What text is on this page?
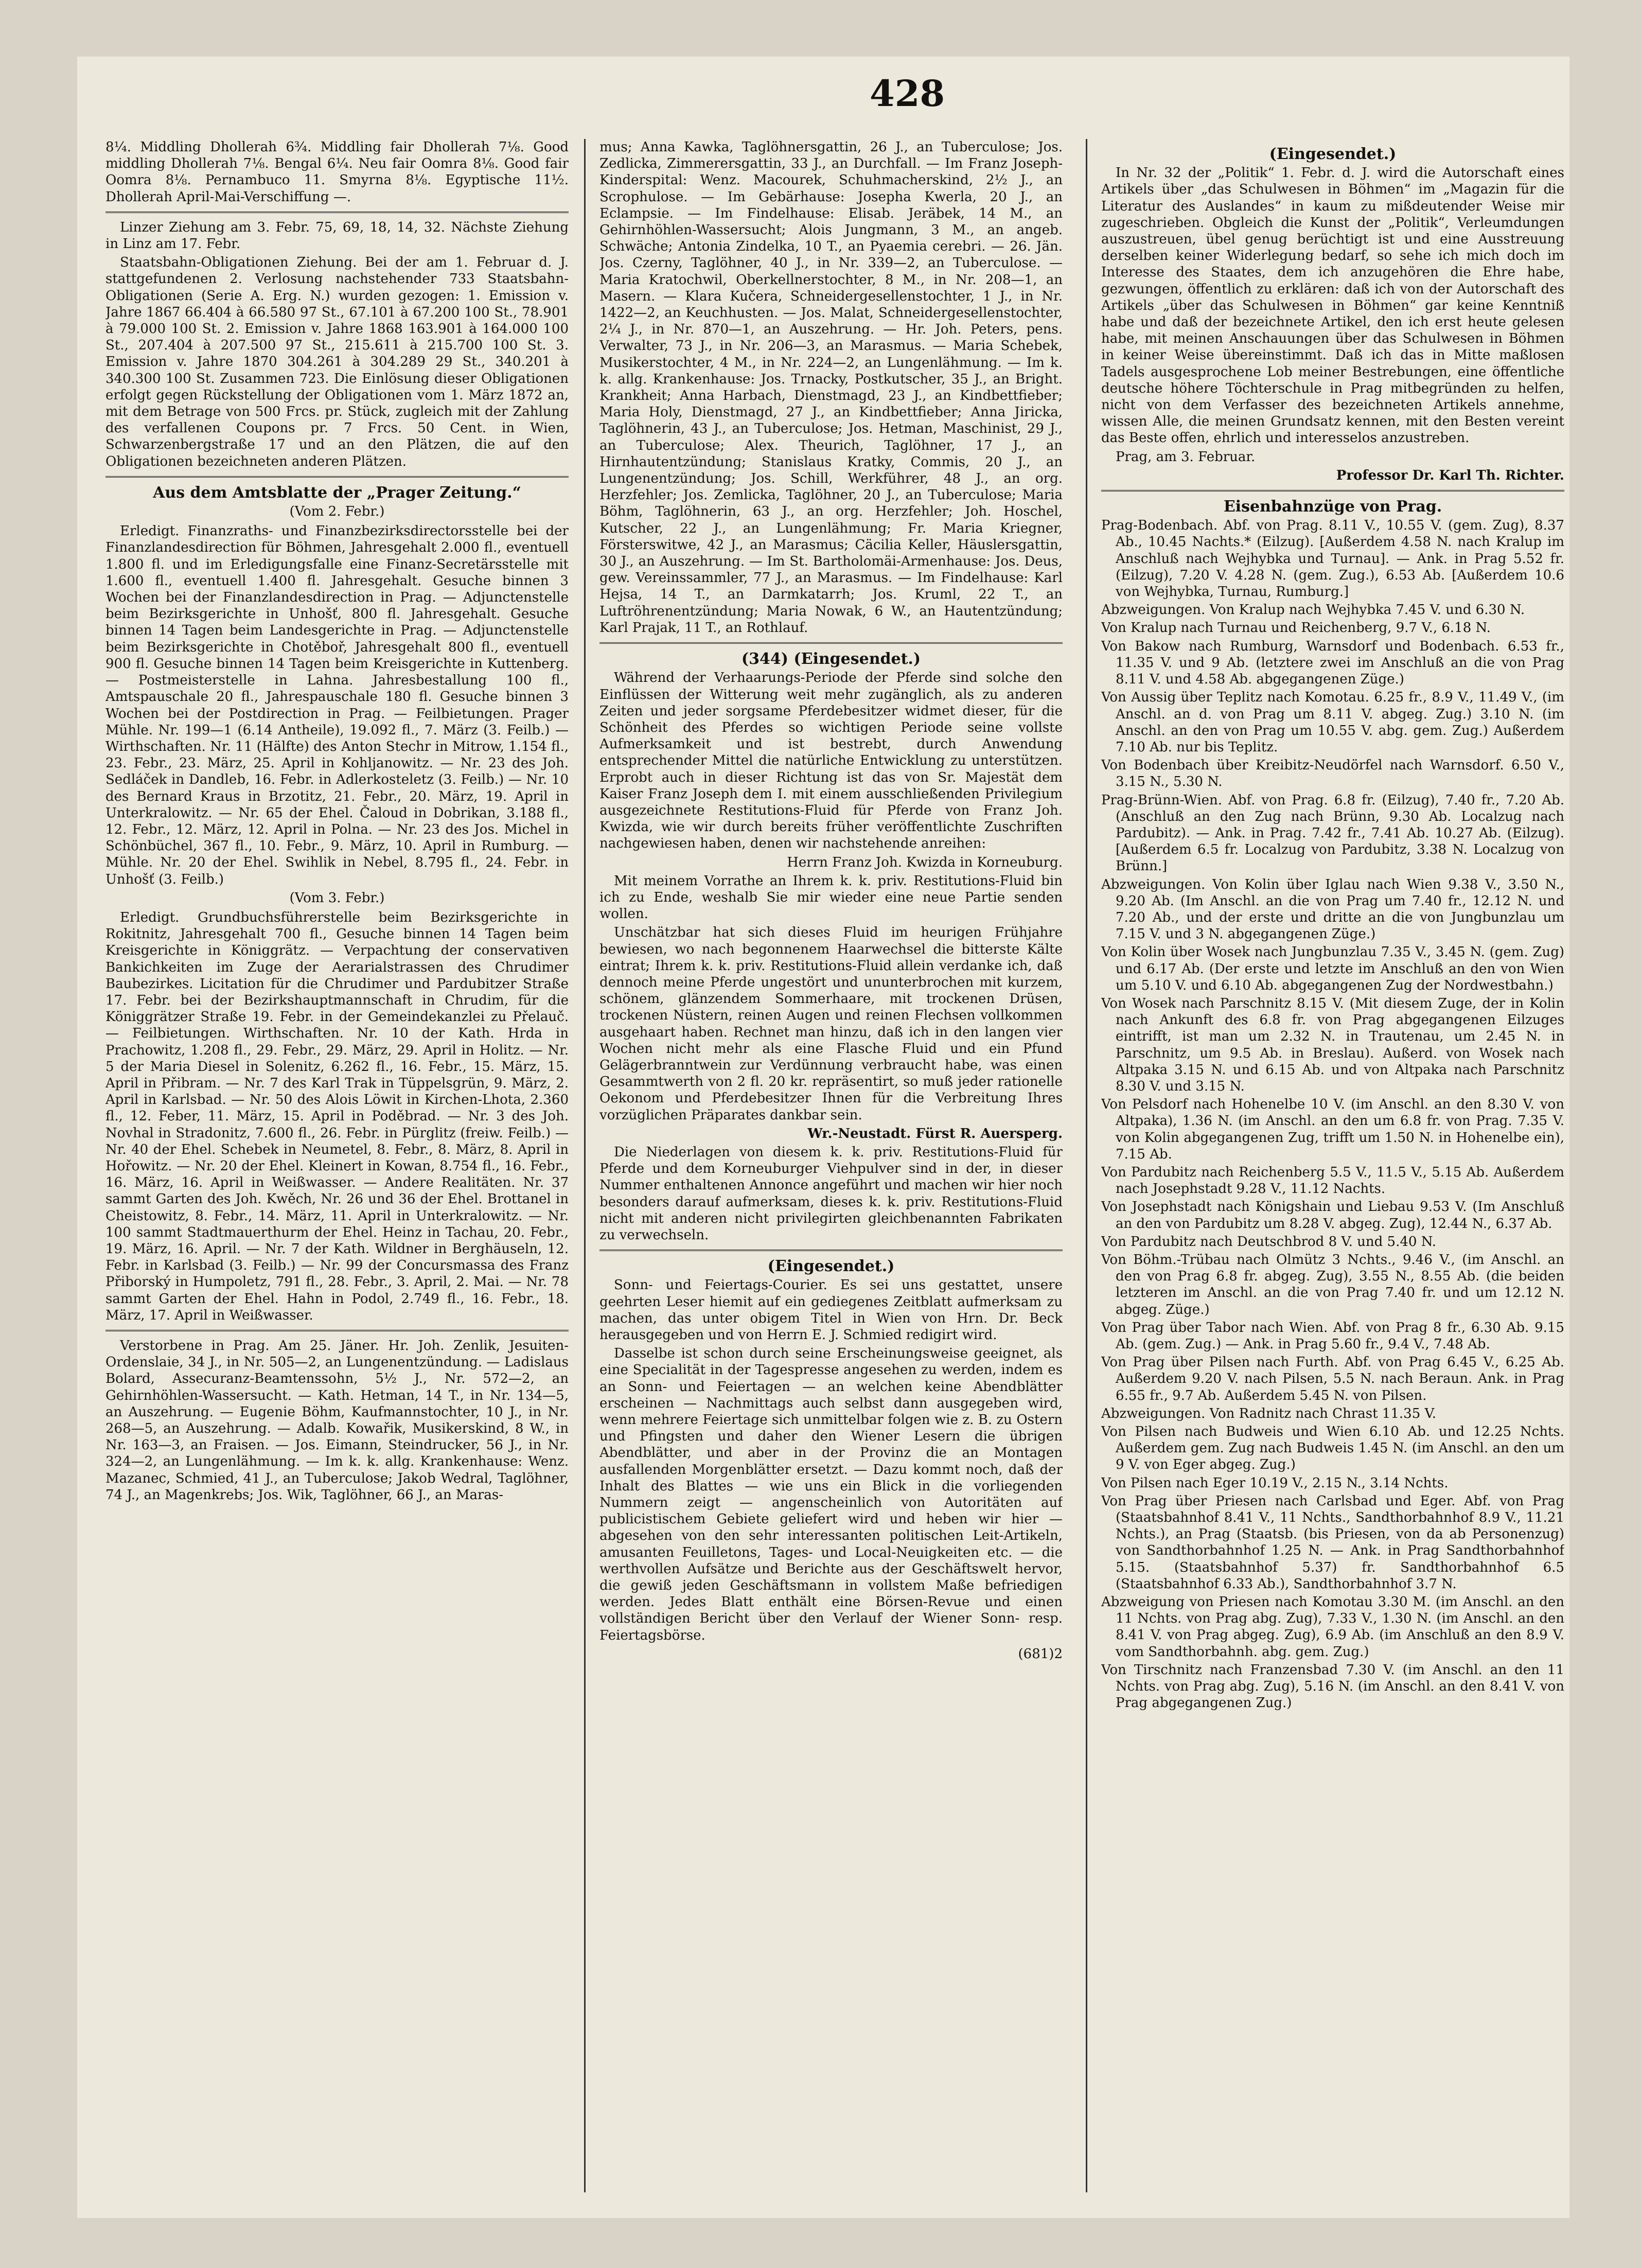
428

8¼. Middling Dhollerah 6¾. Middling fair Dhollerah 7⅛. Good middling Dhollerah 7⅛. Bengal 6¼. Neu fair Oomra 8⅛. Good fair Oomra 8⅛. Pernambuco 11. Smyrna 8⅛. Egyptische 11½. Dhollerah April-Mai-Verschiffung —.

Linzer Ziehung am 3. Febr. 75, 69, 18, 14, 32. Nächste Ziehung in Linz am 17. Febr.

Staatsbahn-Obligationen Ziehung. Bei der am 1. Februar d. J. stattgefundenen 2. Verlosung nachstehender 733 Staatsbahn-Obligationen (Serie A. Erg. N.) wurden gezogen: 1. Emission v. Jahre 1867 66.404 à 66.580 97 St., 67.101 à 67.200 100 St., 78.901 à 79.000 100 St. 2. Emission v. Jahre 1868 163.901 à 164.000 100 St., 207.404 à 207.500 97 St., 215.611 à 215.700 100 St. 3. Emission v. Jahre 1870 304.261 à 304.289 29 St., 340.201 à 340.300 100 St. Zusammen 723. Die Einlösung dieser Obligationen erfolgt gegen Rückstellung der Obligationen vom 1. März 1872 an, mit dem Betrage von 500 Frcs. pr. Stück, zugleich mit der Zahlung des verfallenen Coupons pr. 7 Frcs. 50 Cent. in Wien, Schwarzenbergstraße 17 und an den Plätzen, die auf den Obligationen bezeichneten anderen Plätzen.

Aus dem Amtsblatte der „Prager Zeitung.“
(Vom 2. Febr.)

Erledigt. Finanzraths- und Finanzbezirksdirectorsstelle bei der Finanzlandesdirection für Böhmen, Jahresgehalt 2.000 fl., eventuell 1.800 fl. und im Erledigungsfalle eine Finanz-Secretärsstelle mit 1.600 fl., eventuell 1.400 fl. Jahresgehalt. Gesuche binnen 3 Wochen bei der Finanzlandesdirection in Prag. — Adjunctenstelle beim Bezirksgerichte in Unhošť, 800 fl. Jahresgehalt. Gesuche binnen 14 Tagen beim Landesgerichte in Prag. — Adjunctenstelle beim Bezirksgerichte in Chotěboř, Jahresgehalt 800 fl., eventuell 900 fl. Gesuche binnen 14 Tagen beim Kreisgerichte in Kuttenberg. — Postmeisterstelle in Lahna. Jahresbestallung 100 fl., Amtspauschale 20 fl., Jahrespauschale 180 fl. Gesuche binnen 3 Wochen bei der Postdirection in Prag. — Feilbietungen. Prager Mühle. Nr. 199—1 (6.14 Antheile), 19.092 fl., 7. März (3. Feilb.) — Wirthschaften. Nr. 11 (Hälfte) des Anton Stechr in Mitrow, 1.154 fl., 23. Febr., 23. März, 25. April in Kohljanowitz. — Nr. 23 des Joh. Sedláček in Dandleb, 16. Febr. in Adlerkosteletz (3. Feilb.) — Nr. 10 des Bernard Kraus in Brzotitz, 21. Febr., 20. März, 19. April in Unterkralowitz. — Nr. 65 der Ehel. Čaloud in Dobrikan, 3.188 fl., 12. Febr., 12. März, 12. April in Polna. — Nr. 23 des Jos. Michel in Schönbüchel, 367 fl., 10. Febr., 9. März, 10. April in Rumburg. — Mühle. Nr. 20 der Ehel. Swihlik in Nebel, 8.795 fl., 24. Febr. in Unhošť (3. Feilb.)

(Vom 3. Febr.)

Erledigt. Grundbuchsführerstelle beim Bezirksgerichte in Rokitnitz, Jahresgehalt 700 fl., Gesuche binnen 14 Tagen beim Kreisgerichte in Königgrätz. — Verpachtung der conservativen Bankichkeiten im Zuge der Aerarialstrassen des Chrudimer Baubezirkes. Licitation für die Chrudimer und Pardubitzer Straße 17. Febr. bei der Bezirkshauptmannschaft in Chrudim, für die Königgrätzer Straße 19. Febr. in der Gemeindekanzlei zu Přelauč. — Feilbietungen. Wirthschaften. Nr. 10 der Kath. Hrda in Prachowitz, 1.208 fl., 29. Febr., 29. März, 29. April in Holitz. — Nr. 5 der Maria Diesel in Solenitz, 6.262 fl., 16. Febr., 15. März, 15. April in Přibram. — Nr. 7 des Karl Trak in Tüppelsgrün, 9. März, 2. April in Karlsbad. — Nr. 50 des Alois Löwit in Kirchen-Lhota, 2.360 fl., 12. Feber, 11. März, 15. April in Poděbrad. — Nr. 3 des Joh. Novhal in Stradonitz, 7.600 fl., 26. Febr. in Pürglitz (freiw. Feilb.) — Nr. 40 der Ehel. Schebek in Neumetel, 8. Febr., 8. März, 8. April in Hořowitz. — Nr. 20 der Ehel. Kleinert in Kowan, 8.754 fl., 16. Febr., 16. März, 16. April in Weißwasser. — Andere Realitäten. Nr. 37 sammt Garten des Joh. Kwěch, Nr. 26 und 36 der Ehel. Brottanel in Cheistowitz, 8. Febr., 14. März, 11. April in Unterkralowitz. — Nr. 100 sammt Stadtmauerthurm der Ehel. Heinz in Tachau, 20. Febr., 19. März, 16. April. — Nr. 7 der Kath. Wildner in Berghäuseln, 12. Febr. in Karlsbad (3. Feilb.) — Nr. 99 der Concursmassa des Franz Přiborský in Humpoletz, 791 fl., 28. Febr., 3. April, 2. Mai. — Nr. 78 sammt Garten der Ehel. Hahn in Podol, 2.749 fl., 16. Febr., 18. März, 17. April in Weißwasser.

Verstorbene in Prag. Am 25. Jäner. Hr. Joh. Zenlik, Jesuiten-Ordenslaie, 34 J., in Nr. 505—2, an Lungenentzündung. — Ladislaus Bolard, Assecuranz-Beamtenssohn, 5½ J., Nr. 572—2, an Gehirnhöhlen-Wassersucht. — Kath. Hetman, 14 T., in Nr. 134—5, an Auszehrung. — Eugenie Böhm, Kaufmannstochter, 10 J., in Nr. 268—5, an Auszehrung. — Adalb. Kowařik, Musikerskind, 8 W., in Nr. 163—3, an Fraisen. — Jos. Eimann, Steindrucker, 56 J., in Nr. 324—2, an Lungenlähmung. — Im k. k. allg. Krankenhause: Wenz. Mazanec, Schmied, 41 J., an Tuberculose; Jakob Wedral, Taglöhner, 74 J., an Magenkrebs; Jos. Wik, Taglöhner, 66 J., an Maras-

mus; Anna Kawka, Taglöhnersgattin, 26 J., an Tuberculose; Jos. Zedlicka, Zimmerersgattin, 33 J., an Durchfall. — Im Franz Joseph-Kinderspital: Wenz. Macourek, Schuhmacherskind, 2½ J., an Scrophulose. — Im Gebärhause: Josepha Kwerla, 20 J., an Eclampsie. — Im Findelhause: Elisab. Jeräbek, 14 M., an Gehirnhöhlen-Wassersucht; Alois Jungmann, 3 M., an angeb. Schwäche; Antonia Zindelka, 10 T., an Pyaemia cerebri. — 26. Jän. Jos. Czerny, Taglöhner, 40 J., in Nr. 339—2, an Tuberculose. — Maria Kratochwil, Oberkellnerstochter, 8 M., in Nr. 208—1, an Masern. — Klara Kučera, Schneidergesellenstochter, 1 J., in Nr. 1422—2, an Keuchhusten. — Jos. Malat, Schneidergesellenstochter, 2¼ J., in Nr. 870—1, an Auszehrung. — Hr. Joh. Peters, pens. Verwalter, 73 J., in Nr. 206—3, an Marasmus. — Maria Schebek, Musikerstochter, 4 M., in Nr. 224—2, an Lungenlähmung. — Im k. k. allg. Krankenhause: Jos. Trnacky, Postkutscher, 35 J., an Bright. Krankheit; Anna Harbach, Dienstmagd, 23 J., an Kindbettfieber; Maria Holy, Dienstmagd, 27 J., an Kindbettfieber; Anna Jiricka, Taglöhnerin, 43 J., an Tuberculose; Jos. Hetman, Maschinist, 29 J., an Tuberculose; Alex. Theurich, Taglöhner, 17 J., an Hirnhautentzündung; Stanislaus Kratky, Commis, 20 J., an Lungenentzündung; Jos. Schill, Werkführer, 48 J., an org. Herzfehler; Jos. Zemlicka, Taglöhner, 20 J., an Tuberculose; Maria Böhm, Taglöhnerin, 63 J., an org. Herzfehler; Joh. Hoschel, Kutscher, 22 J., an Lungenlähmung; Fr. Maria Kriegner, Försterswitwe, 42 J., an Marasmus; Cäcilia Keller, Häuslersgattin, 30 J., an Auszehrung. — Im St. Bartholomäi-Armenhause: Jos. Deus, gew. Vereinssammler, 77 J., an Marasmus. — Im Findelhause: Karl Hejsa, 14 T., an Darmkatarrh; Jos. Kruml, 22 T., an Luftröhrenentzündung; Maria Nowak, 6 W., an Hautentzündung; Karl Prajak, 11 T., an Rothlauf.

(344) (Eingesendet.)

Während der Verhaarungs-Periode der Pferde sind solche den Einflüssen der Witterung weit mehr zugänglich, als zu anderen Zeiten und jeder sorgsame Pferdebesitzer widmet dieser, für die Schönheit des Pferdes so wichtigen Periode seine vollste Aufmerksamkeit und ist bestrebt, durch Anwendung entsprechender Mittel die natürliche Entwicklung zu unterstützen. Erprobt auch in dieser Richtung ist das von Sr. Majestät dem Kaiser Franz Joseph dem I. mit einem ausschließenden Privilegium ausgezeichnete Restitutions-Fluid für Pferde von Franz Joh. Kwizda, wie wir durch bereits früher veröffentlichte Zuschriften nachgewiesen haben, denen wir nachstehende anreihen:

Herrn Franz Joh. Kwizda in Korneuburg.

Mit meinem Vorrathe an Ihrem k. k. priv. Restitutions-Fluid bin ich zu Ende, weshalb Sie mir wieder eine neue Partie senden wollen.

Unschätzbar hat sich dieses Fluid im heurigen Frühjahre bewiesen, wo nach begonnenem Haarwechsel die bitterste Kälte eintrat; Ihrem k. k. priv. Restitutions-Fluid allein verdanke ich, daß dennoch meine Pferde ungestört und ununterbrochen mit kurzem, schönem, glänzendem Sommerhaare, mit trockenen Drüsen, trockenen Nüstern, reinen Augen und reinen Flechsen vollkommen ausgehaart haben. Rechnet man hinzu, daß ich in den langen vier Wochen nicht mehr als eine Flasche Fluid und ein Pfund Gelägerbranntwein zur Verdünnung verbraucht habe, was einen Gesammtwerth von 2 fl. 20 kr. repräsentirt, so muß jeder rationelle Oekonom und Pferdebesitzer Ihnen für die Verbreitung Ihres vorzüglichen Präparates dankbar sein.

Wr.-Neustadt. Fürst R. Auersperg.

Die Niederlagen von diesem k. k. priv. Restitutions-Fluid für Pferde und dem Korneuburger Viehpulver sind in der, in dieser Nummer enthaltenen Annonce angeführt und machen wir hier noch besonders darauf aufmerksam, dieses k. k. priv. Restitutions-Fluid nicht mit anderen nicht privilegirten gleichbenannten Fabrikaten zu verwechseln.

(Eingesendet.)

Sonn- und Feiertags-Courier. Es sei uns gestattet, unsere geehrten Leser hiemit auf ein gediegenes Zeitblatt aufmerksam zu machen, das unter obigem Titel in Wien von Hrn. Dr. Beck herausgegeben und von Herrn E. J. Schmied redigirt wird.

Dasselbe ist schon durch seine Erscheinungsweise geeignet, als eine Specialität in der Tagespresse angesehen zu werden, indem es an Sonn- und Feiertagen — an welchen keine Abendblätter erscheinen — Nachmittags auch selbst dann ausgegeben wird, wenn mehrere Feiertage sich unmittelbar folgen wie z. B. zu Ostern und Pfingsten und daher den Wiener Lesern die übrigen Abendblätter, und aber in der Provinz die an Montagen ausfallenden Morgenblätter ersetzt. — Dazu kommt noch, daß der Inhalt des Blattes — wie uns ein Blick in die vorliegenden Nummern zeigt — angenscheinlich von Autoritäten auf publicistischem Gebiete geliefert wird und heben wir hier — abgesehen von den sehr interessanten politischen Leit-Artikeln, amusanten Feuilletons, Tages- und Local-Neuigkeiten etc. — die werthvollen Aufsätze und Berichte aus der Geschäftswelt hervor, die gewiß jeden Geschäftsmann in vollstem Maße befriedigen werden. Jedes Blatt enthält eine Börsen-Revue und einen vollständigen Bericht über den Verlauf der Wiener Sonn- resp. Feiertagsbörse.

(681)2

(Eingesendet.)

In Nr. 32 der „Politik“ 1. Febr. d. J. wird die Autorschaft eines Artikels über „das Schulwesen in Böhmen“ im „Magazin für die Literatur des Auslandes“ in kaum zu mißdeutender Weise mir zugeschrieben. Obgleich die Kunst der „Politik“, Verleumdungen auszustreuen, übel genug berüchtigt ist und eine Ausstreuung derselben keiner Widerlegung bedarf, so sehe ich mich doch im Interesse des Staates, dem ich anzugehören die Ehre habe, gezwungen, öffentlich zu erklären: daß ich von der Autorschaft des Artikels „über das Schulwesen in Böhmen“ gar keine Kenntniß habe und daß der bezeichnete Artikel, den ich erst heute gelesen habe, mit meinen Anschauungen über das Schulwesen in Böhmen in keiner Weise übereinstimmt. Daß ich das in Mitte maßlosen Tadels ausgesprochene Lob meiner Bestrebungen, eine öffentliche deutsche höhere Töchterschule in Prag mitbegründen zu helfen, nicht von dem Verfasser des bezeichneten Artikels annehme, wissen Alle, die meinen Grundsatz kennen, mit den Besten vereint das Beste offen, ehrlich und interesselos anzustreben.

Prag, am 3. Februar.

Professor Dr. Karl Th. Richter.

Eisenbahnzüge von Prag.

Prag-Bodenbach. Abf. von Prag. 8.11 V., 10.55 V. (gem. Zug), 8.37 Ab., 10.45 Nachts.* (Eilzug). [Außerdem 4.58 N. nach Kralup im Anschluß nach Wejhybka und Turnau]. — Ank. in Prag 5.52 fr. (Eilzug), 7.20 V. 4.28 N. (gem. Zug.), 6.53 Ab. [Außerdem 10.6 von Wejhybka, Turnau, Rumburg.]

Abzweigungen. Von Kralup nach Wejhybka 7.45 V. und 6.30 N.

Von Kralup nach Turnau und Reichenberg, 9.7 V., 6.18 N.

Von Bakow nach Rumburg, Warnsdorf und Bodenbach. 6.53 fr., 11.35 V. und 9 Ab. (letztere zwei im Anschluß an die von Prag 8.11 V. und 4.58 Ab. abgegangenen Züge.)

Von Aussig über Teplitz nach Komotau. 6.25 fr., 8.9 V., 11.49 V., (im Anschl. an d. von Prag um 8.11 V. abgeg. Zug.) 3.10 N. (im Anschl. an den von Prag um 10.55 V. abg. gem. Zug.) Außerdem 7.10 Ab. nur bis Teplitz.

Von Bodenbach über Kreibitz-Neudörfel nach Warnsdorf. 6.50 V., 3.15 N., 5.30 N.

Prag-Brünn-Wien. Abf. von Prag. 6.8 fr. (Eilzug), 7.40 fr., 7.20 Ab. (Anschluß an den Zug nach Brünn, 9.30 Ab. Localzug nach Pardubitz). — Ank. in Prag. 7.42 fr., 7.41 Ab. 10.27 Ab. (Eilzug). [Außerdem 6.5 fr. Localzug von Pardubitz, 3.38 N. Localzug von Brünn.]

Abzweigungen. Von Kolin über Iglau nach Wien 9.38 V., 3.50 N., 9.20 Ab. (Im Anschl. an die von Prag um 7.40 fr., 12.12 N. und 7.20 Ab., und der erste und dritte an die von Jungbunzlau um 7.15 V. und 3 N. abgegangenen Züge.)

Von Kolin über Wosek nach Jungbunzlau 7.35 V., 3.45 N. (gem. Zug) und 6.17 Ab. (Der erste und letzte im Anschluß an den von Wien um 5.10 V. und 6.10 Ab. abgegangenen Zug der Nordwestbahn.)

Von Wosek nach Parschnitz 8.15 V. (Mit diesem Zuge, der in Kolin nach Ankunft des 6.8 fr. von Prag abgegangenen Eilzuges eintrifft, ist man um 2.32 N. in Trautenau, um 2.45 N. in Parschnitz, um 9.5 Ab. in Breslau). Außerd. von Wosek nach Altpaka 3.15 N. und 6.15 Ab. und von Altpaka nach Parschnitz 8.30 V. und 3.15 N.

Von Pelsdorf nach Hohenelbe 10 V. (im Anschl. an den 8.30 V. von Altpaka), 1.36 N. (im Anschl. an den um 6.8 fr. von Prag. 7.35 V. von Kolin abgegangenen Zug, trifft um 1.50 N. in Hohenelbe ein), 7.15 Ab.

Von Pardubitz nach Reichenberg 5.5 V., 11.5 V., 5.15 Ab. Außerdem nach Josephstadt 9.28 V., 11.12 Nachts.

Von Josephstadt nach Königshain und Liebau 9.53 V. (Im Anschluß an den von Pardubitz um 8.28 V. abgeg. Zug), 12.44 N., 6.37 Ab.

Von Pardubitz nach Deutschbrod 8 V. und 5.40 N.

Von Böhm.-Trübau nach Olmütz 3 Nchts., 9.46 V., (im Anschl. an den von Prag 6.8 fr. abgeg. Zug), 3.55 N., 8.55 Ab. (die beiden letzteren im Anschl. an die von Prag 7.40 fr. und um 12.12 N. abgeg. Züge.)

Von Prag über Tabor nach Wien. Abf. von Prag 8 fr., 6.30 Ab. 9.15 Ab. (gem. Zug.) — Ank. in Prag 5.60 fr., 9.4 V., 7.48 Ab.

Von Prag über Pilsen nach Furth. Abf. von Prag 6.45 V., 6.25 Ab. Außerdem 9.20 V. nach Pilsen, 5.5 N. nach Beraun. Ank. in Prag 6.55 fr., 9.7 Ab. Außerdem 5.45 N. von Pilsen.

Abzweigungen. Von Radnitz nach Chrast 11.35 V.

Von Pilsen nach Budweis und Wien 6.10 Ab. und 12.25 Nchts. Außerdem gem. Zug nach Budweis 1.45 N. (im Anschl. an den um 9 V. von Eger abgeg. Zug.)

Von Pilsen nach Eger 10.19 V., 2.15 N., 3.14 Nchts.

Von Prag über Priesen nach Carlsbad und Eger. Abf. von Prag (Staatsbahnhof 8.41 V., 11 Nchts., Sandthorbahnhof 8.9 V., 11.21 Nchts.), an Prag (Staatsb. (bis Priesen, von da ab Personenzug) von Sandthorbahnhof 1.25 N. — Ank. in Prag Sandthorbahnhof 5.15. (Staatsbahnhof 5.37) fr. Sandthorbahnhof 6.5 (Staatsbahnhof 6.33 Ab.), Sandthorbahnhof 3.7 N.

Abzweigung von Priesen nach Komotau 3.30 M. (im Anschl. an den 11 Nchts. von Prag abg. Zug), 7.33 V., 1.30 N. (im Anschl. an den 8.41 V. von Prag abgeg. Zug), 6.9 Ab. (im Anschluß an den 8.9 V. vom Sandthorbahnh. abg. gem. Zug.)

Von Tirschnitz nach Franzensbad 7.30 V. (im Anschl. an den 11 Nchts. von Prag abg. Zug), 5.16 N. (im Anschl. an den 8.41 V. von Prag abgegangenen Zug.)
